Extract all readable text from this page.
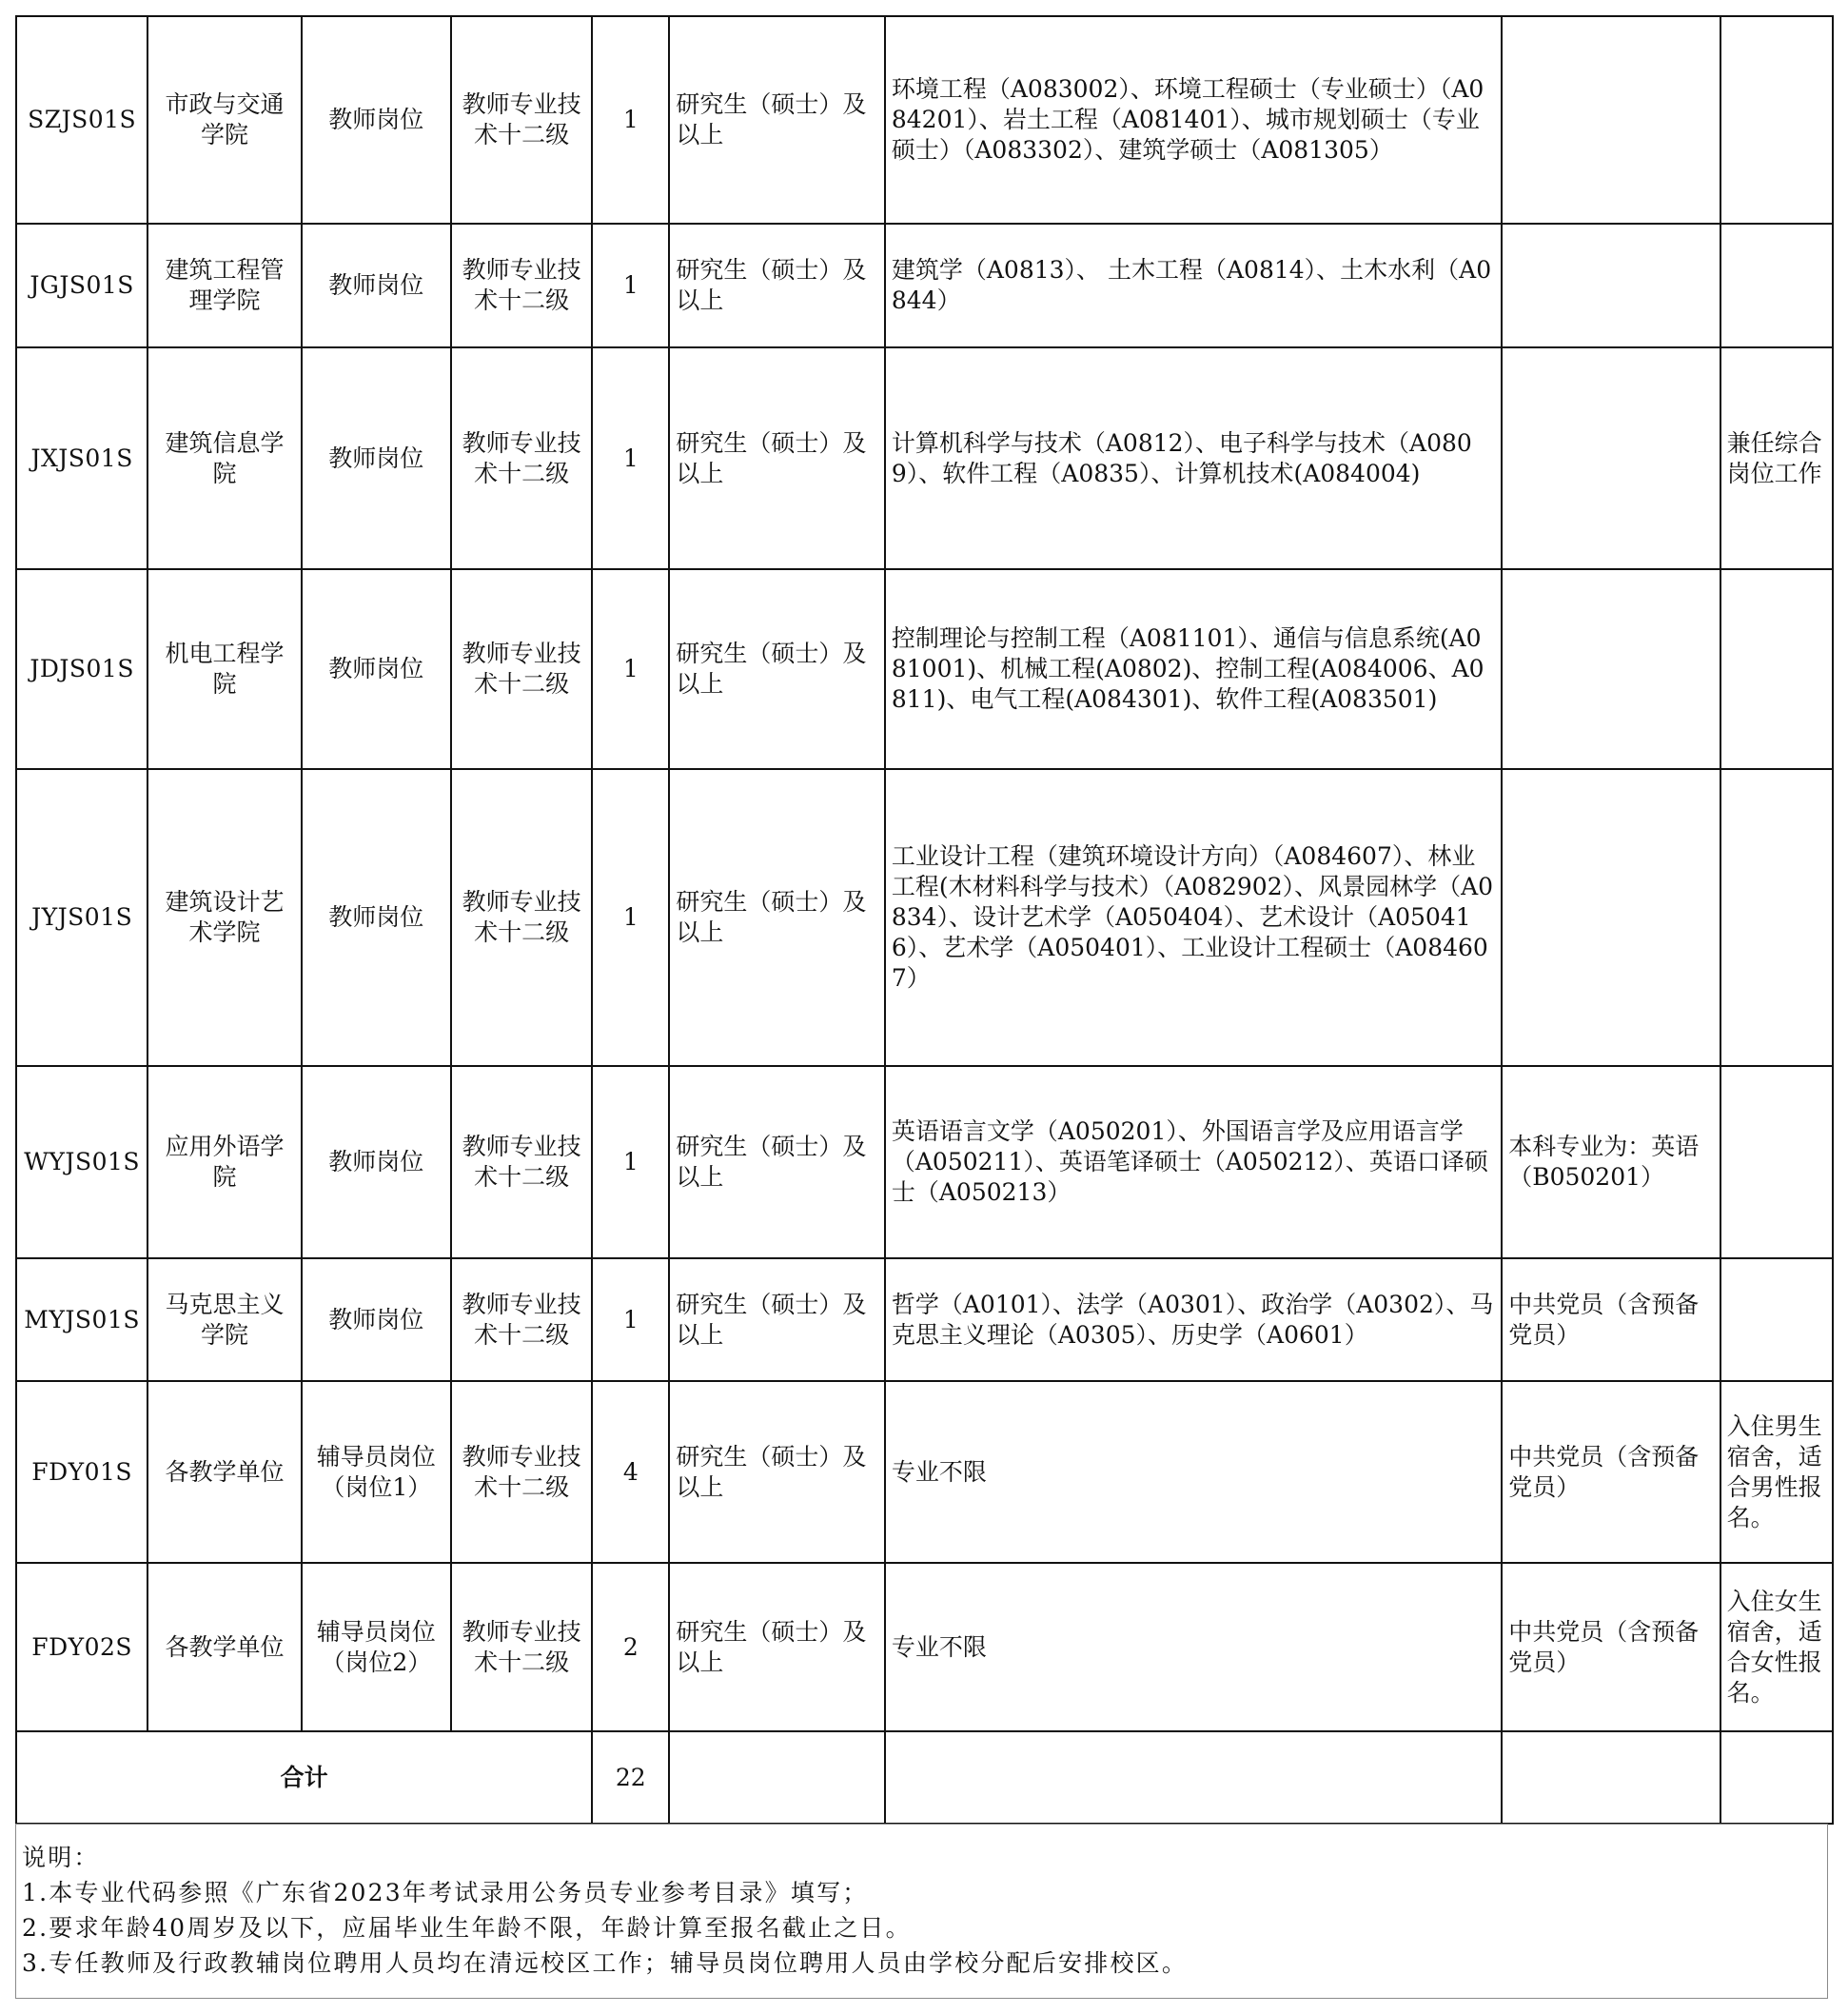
SZJS01S	市政与交通学院	教师岗位	教师专业技术十二级	1	研究生（硕士）及以上	环境工程（A083002）、环境工程硕士（专业硕士）（A084201）、岩土工程（A081401）、城市规划硕士（专业硕士）（A083302）、建筑学硕士（A081305）		
JGJS01S	建筑工程管理学院	教师岗位	教师专业技术十二级	1	研究生（硕士）及以上	建筑学（A0813）、 土木工程（A0814）、土木水利（A0844）		
JXJS01S	建筑信息学院	教师岗位	教师专业技术十二级	1	研究生（硕士）及以上	计算机科学与技术（A0812）、电子科学与技术（A0809）、软件工程（A0835）、计算机技术(A084004)		兼任综合岗位工作
JDJS01S	机电工程学院	教师岗位	教师专业技术十二级	1	研究生（硕士）及以上	控制理论与控制工程（A081101）、通信与信息系统(A081001)、机械工程(A0802)、控制工程(A084006、A0811)、电气工程(A084301)、软件工程(A083501)		
JYJS01S	建筑设计艺术学院	教师岗位	教师专业技术十二级	1	研究生（硕士）及以上	工业设计工程（建筑环境设计方向）（A084607）、林业工程(木材料科学与技术）（A082902）、风景园林学（A0834）、设计艺术学（A050404）、艺术设计（A050416）、艺术学（A050401）、工业设计工程硕士（A084607）		
WYJS01S	应用外语学院	教师岗位	教师专业技术十二级	1	研究生（硕士）及以上	英语语言文学（A050201）、外国语言学及应用语言学（A050211）、英语笔译硕士（A050212）、英语口译硕士（A050213）	本科专业为：英语（B050201）	
MYJS01S	马克思主义学院	教师岗位	教师专业技术十二级	1	研究生（硕士）及以上	哲学（A0101）、法学（A0301）、政治学（A0302）、马克思主义理论（A0305）、历史学（A0601）	中共党员（含预备党员）	
FDY01S	各教学单位	辅导员岗位（岗位1）	教师专业技术十二级	4	研究生（硕士）及以上	专业不限	中共党员（含预备党员）	入住男生宿舍，适合男性报名。
FDY02S	各教学单位	辅导员岗位（岗位2）	教师专业技术十二级	2	研究生（硕士）及以上	专业不限	中共党员（含预备党员）	入住女生宿舍，适合女性报名。
合计				22				
说明：
1.本专业代码参照《广东省2023年考试录用公务员专业参考目录》填写；
2.要求年龄40周岁及以下，应届毕业生年龄不限，年龄计算至报名截止之日。
3.专任教师及行政教辅岗位聘用人员均在清远校区工作；辅导员岗位聘用人员由学校分配后安排校区。
